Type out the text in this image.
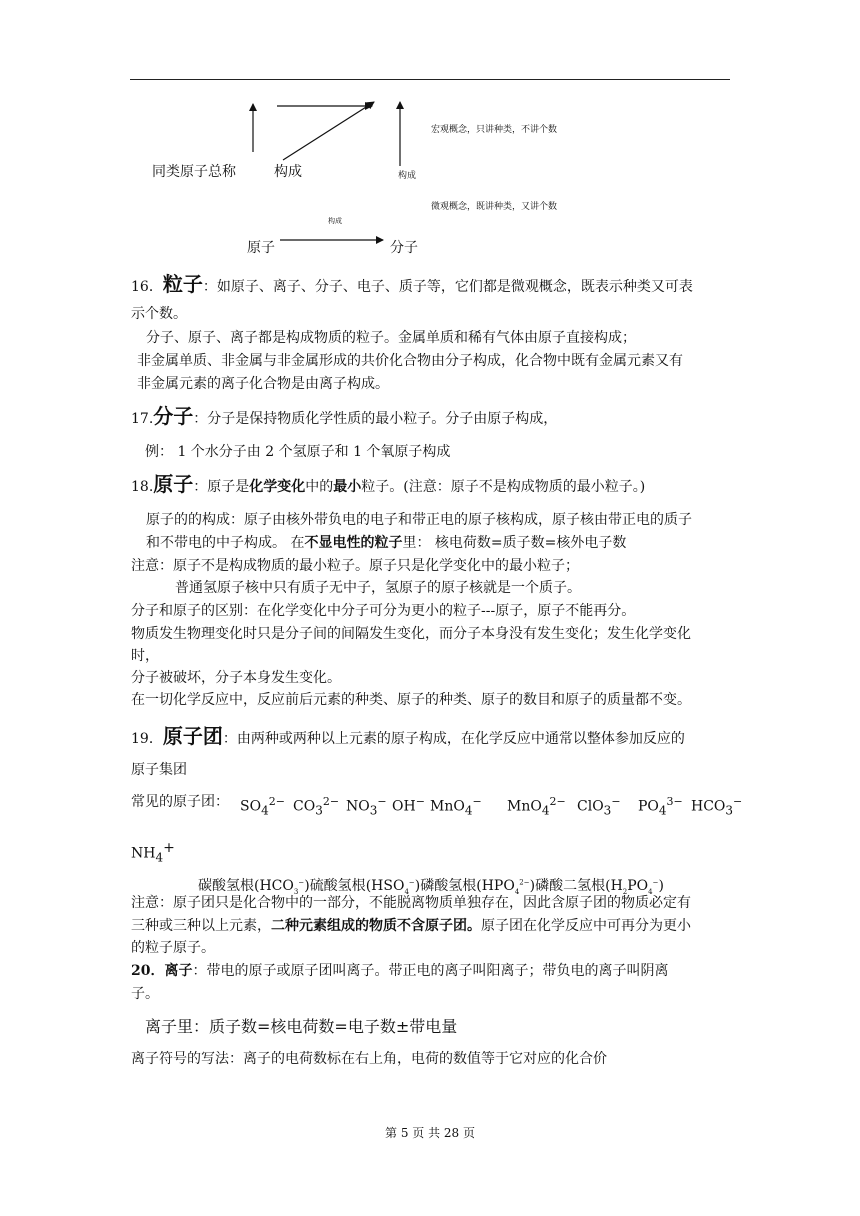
同类原子总称	构成	构成
宏观概念，只讲种类，不讲个数
微观概念，既讲种类，又讲个数
构成
原子	分子
16．粒子：如原子、离子、分子、电子、质子等，它们都是微观概念，既表示种类又可表
示个数。
分子、原子、离子都是构成物质的粒子。金属单质和稀有气体由原子直接构成；
非金属单质、非金属与非金属形成的共价化合物由分子构成，化合物中既有金属元素又有
非金属元素的离子化合物是由离子构成。
17.分子：分子是保持物质化学性质的最小粒子。分子由原子构成，
例： 1 个水分子由 2 个氢原子和 1 个氧原子构成
18.原子：原子是化学变化中的最小粒子。(注意：原子不是构成物质的最小粒子。)
原子的的构成：原子由核外带负电的电子和带正电的原子核构成，原子核由带正电的质子
和不带电的中子构成。 在不显电性的粒子里： 核电荷数=质子数=核外电子数
注意：原子不是构成物质的最小粒子。原子只是化学变化中的最小粒子；
普通氢原子核中只有质子无中子，氢原子的原子核就是一个质子。
分子和原子的区别：在化学变化中分子可分为更小的粒子---原子，原子不能再分。
物质发生物理变化时只是分子间的间隔发生变化，而分子本身没有发生变化；发生化学变化
时，
分子被破坏，分子本身发生变化。
在一切化学反应中，反应前后元素的种类、原子的种类、原子的数目和原子的质量都不变。
19．原子团：由两种或两种以上元素的原子构成，在化学反应中通常以整体参加反应的
原子集团
常见的原子团： $SO_4^{2-}$ $CO_3^{2-}$ $NO_3^-$ OH− MnO$_4$− MnO$_4^{2-}$ ClO$_3$− $PO_4^{3-}$ $HCO_3^-$
$NH_4^+$
碳酸氢根$(HCO_3^-)$硫酸氢根$(HSO_4^-)$磷酸氢根$(HPO_4^{2-})$磷酸二氢根$(H_2PO_4^-)$
注意：原子团只是化合物中的一部分，不能脱离物质单独存在，因此含原子团的物质必定有
三种或三种以上元素，二种元素组成的物质不含原子团。原子团在化学反应中可再分为更小
的粒子原子。
20．离子：带电的原子或原子团叫离子。带正电的离子叫阳离子；带负电的离子叫阴离
子。
离子里：质子数=核电荷数=电子数±带电量
离子符号的写法：离子的电荷数标在右上角，电荷的数值等于它对应的化合价
第 5 页 共 28 页
